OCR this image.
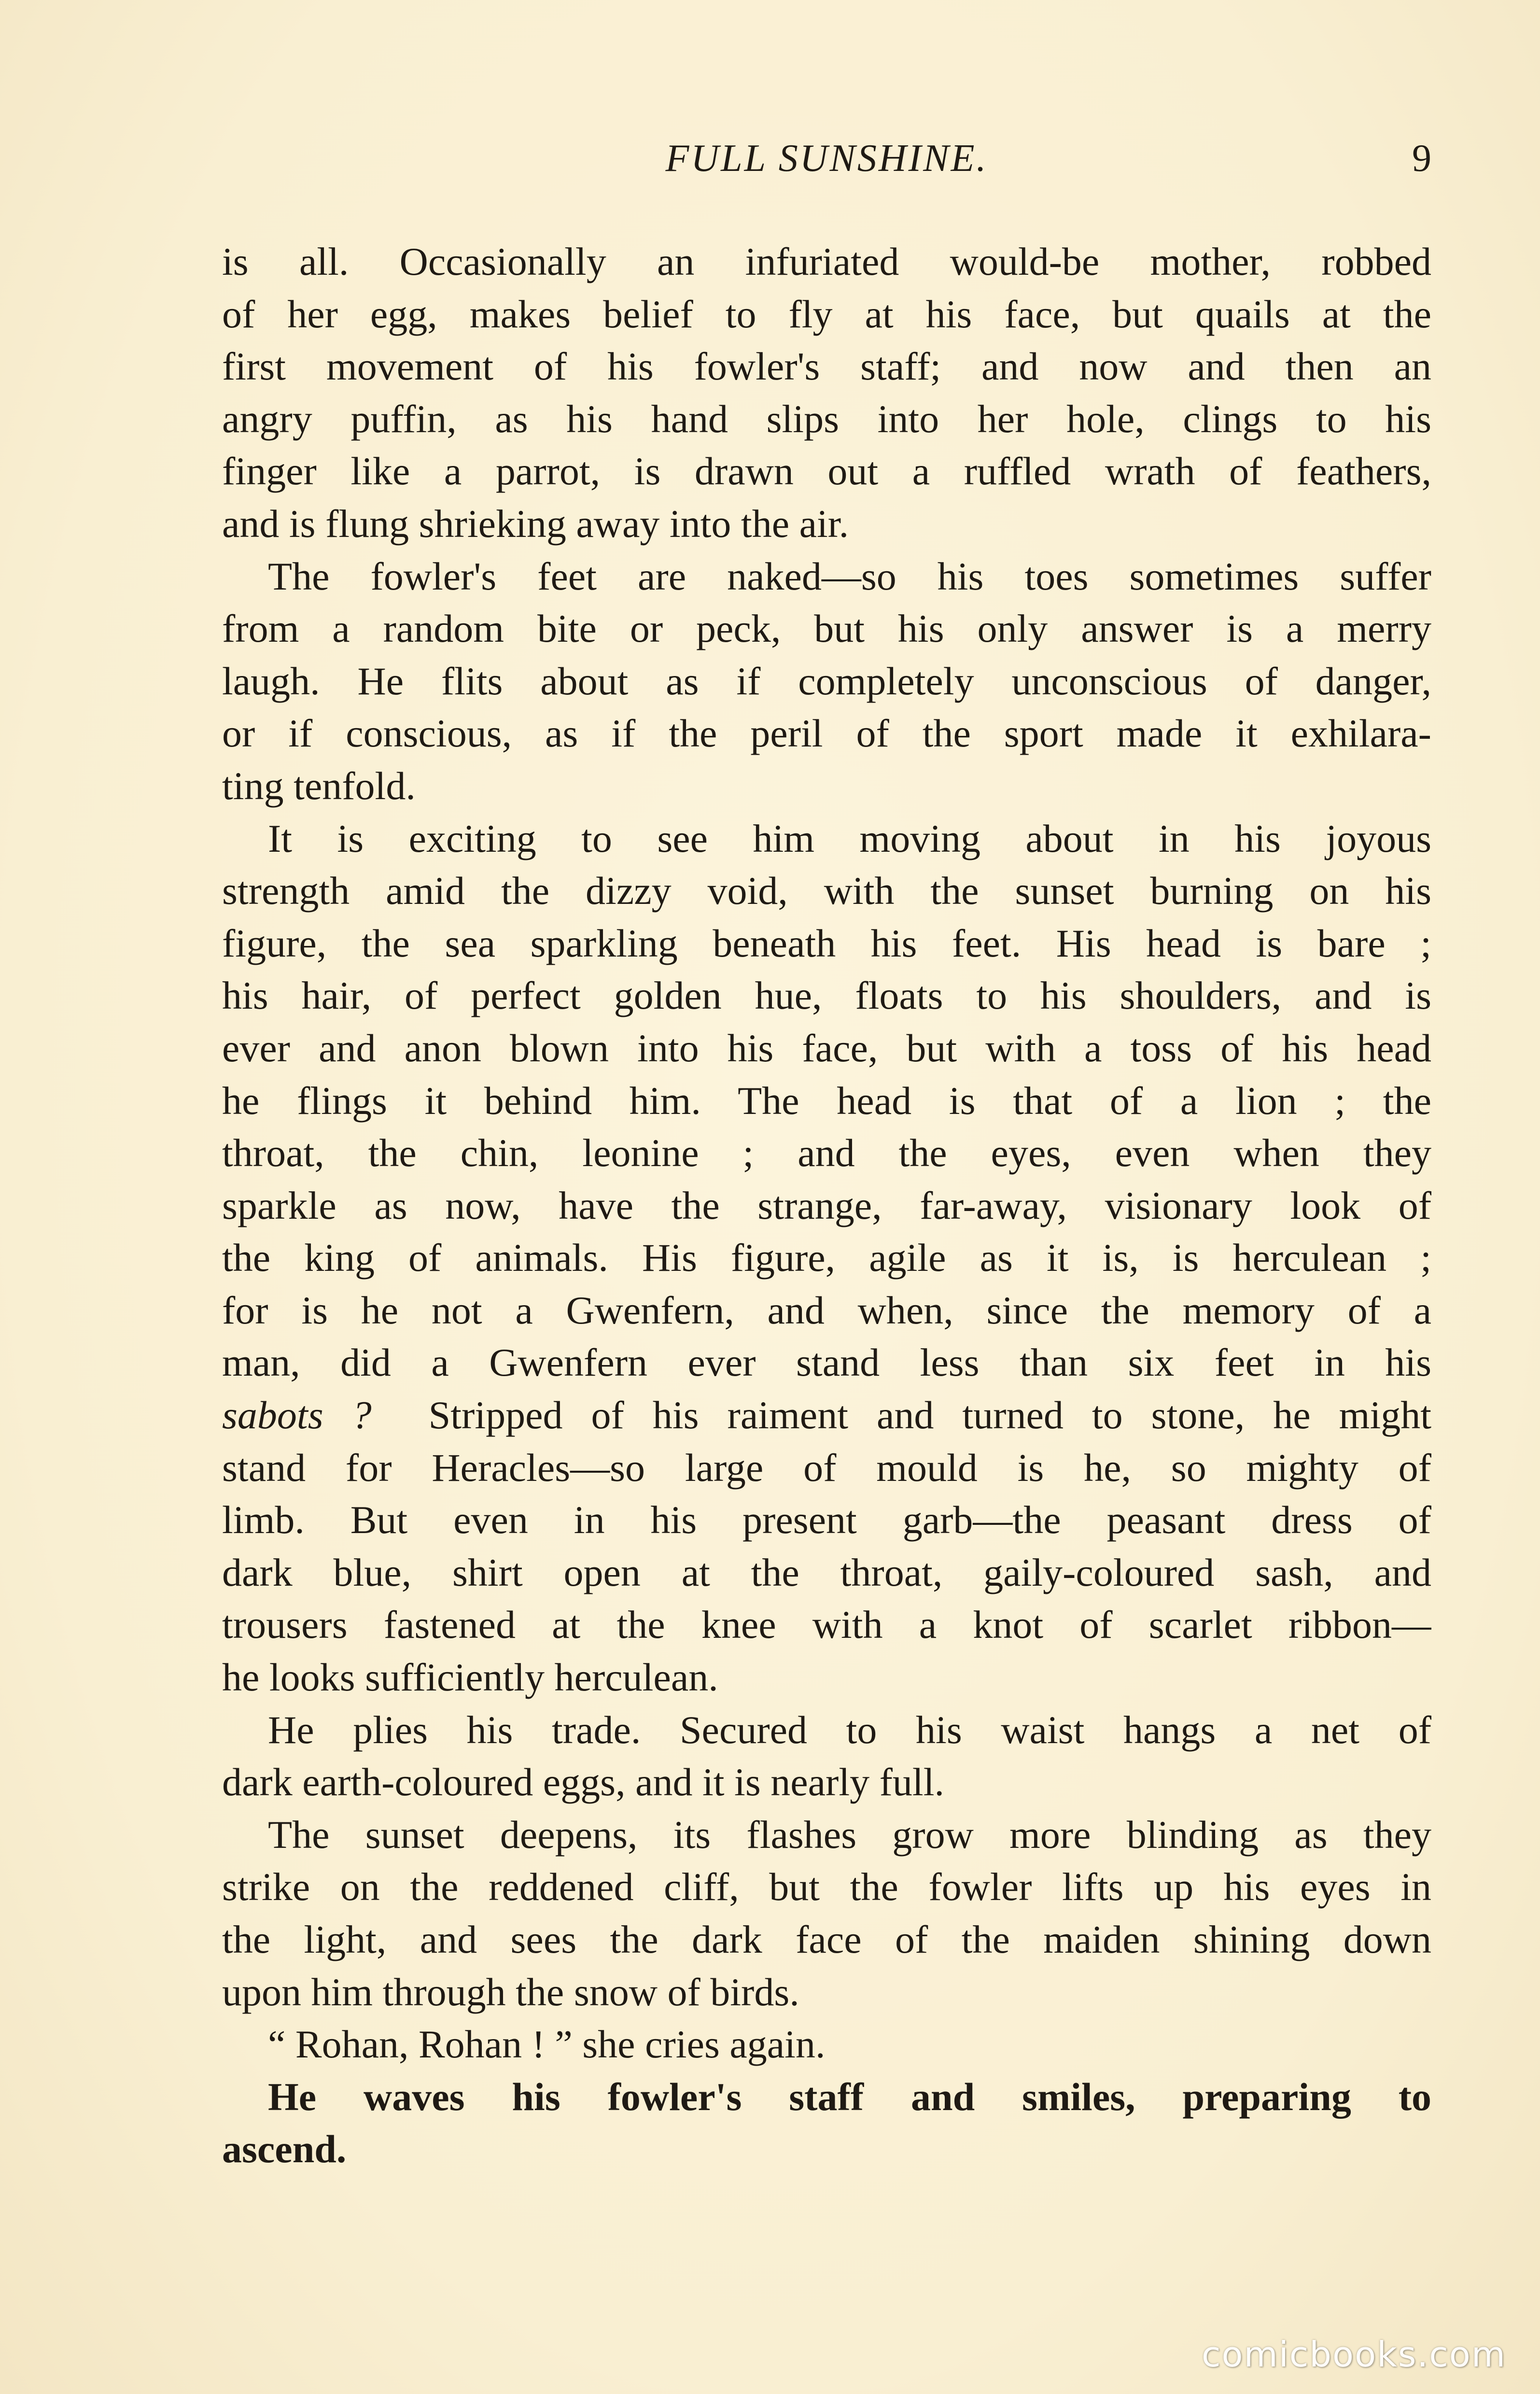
FULL SUNSHINE.	9
is all. Occasionally an infuriated would-be mother, robbed
of her egg, makes belief to fly at his face, but quails at the
first movement of his fowler's staff; and now and then an
angry puffin, as his hand slips into her hole, clings to his
finger like a parrot, is drawn out a ruffled wrath of feathers,
and is flung shrieking away into the air.
The fowler's feet are naked—so his toes sometimes suffer
from a random bite or peck, but his only answer is a merry
laugh. He flits about as if completely unconscious of danger,
or if conscious, as if the peril of the sport made it exhilara-
ting tenfold.
It is exciting to see him moving about in his joyous
strength amid the dizzy void, with the sunset burning on his
figure, the sea sparkling beneath his feet. His head is bare ;
his hair, of perfect golden hue, floats to his shoulders, and is
ever and anon blown into his face, but with a toss of his head
he flings it behind him. The head is that of a lion ; the
throat, the chin, leonine ; and the eyes, even when they
sparkle as now, have the strange, far-away, visionary look of
the king of animals. His figure, agile as it is, is herculean ;
for is he not a Gwenfern, and when, since the memory of a
man, did a Gwenfern ever stand less than six feet in his
sabots ? Stripped of his raiment and turned to stone, he might
stand for Heracles—so large of mould is he, so mighty of
limb. But even in his present garb—the peasant dress of
dark blue, shirt open at the throat, gaily-coloured sash, and
trousers fastened at the knee with a knot of scarlet ribbon—
he looks sufficiently herculean.
He plies his trade. Secured to his waist hangs a net of
dark earth-coloured eggs, and it is nearly full.
The sunset deepens, its flashes grow more blinding as they
strike on the reddened cliff, but the fowler lifts up his eyes in
the light, and sees the dark face of the maiden shining down
upon him through the snow of birds.
“ Rohan, Rohan ! ” she cries again.
He waves his fowler's staff and smiles, preparing to
ascend.
comicbooks.com
